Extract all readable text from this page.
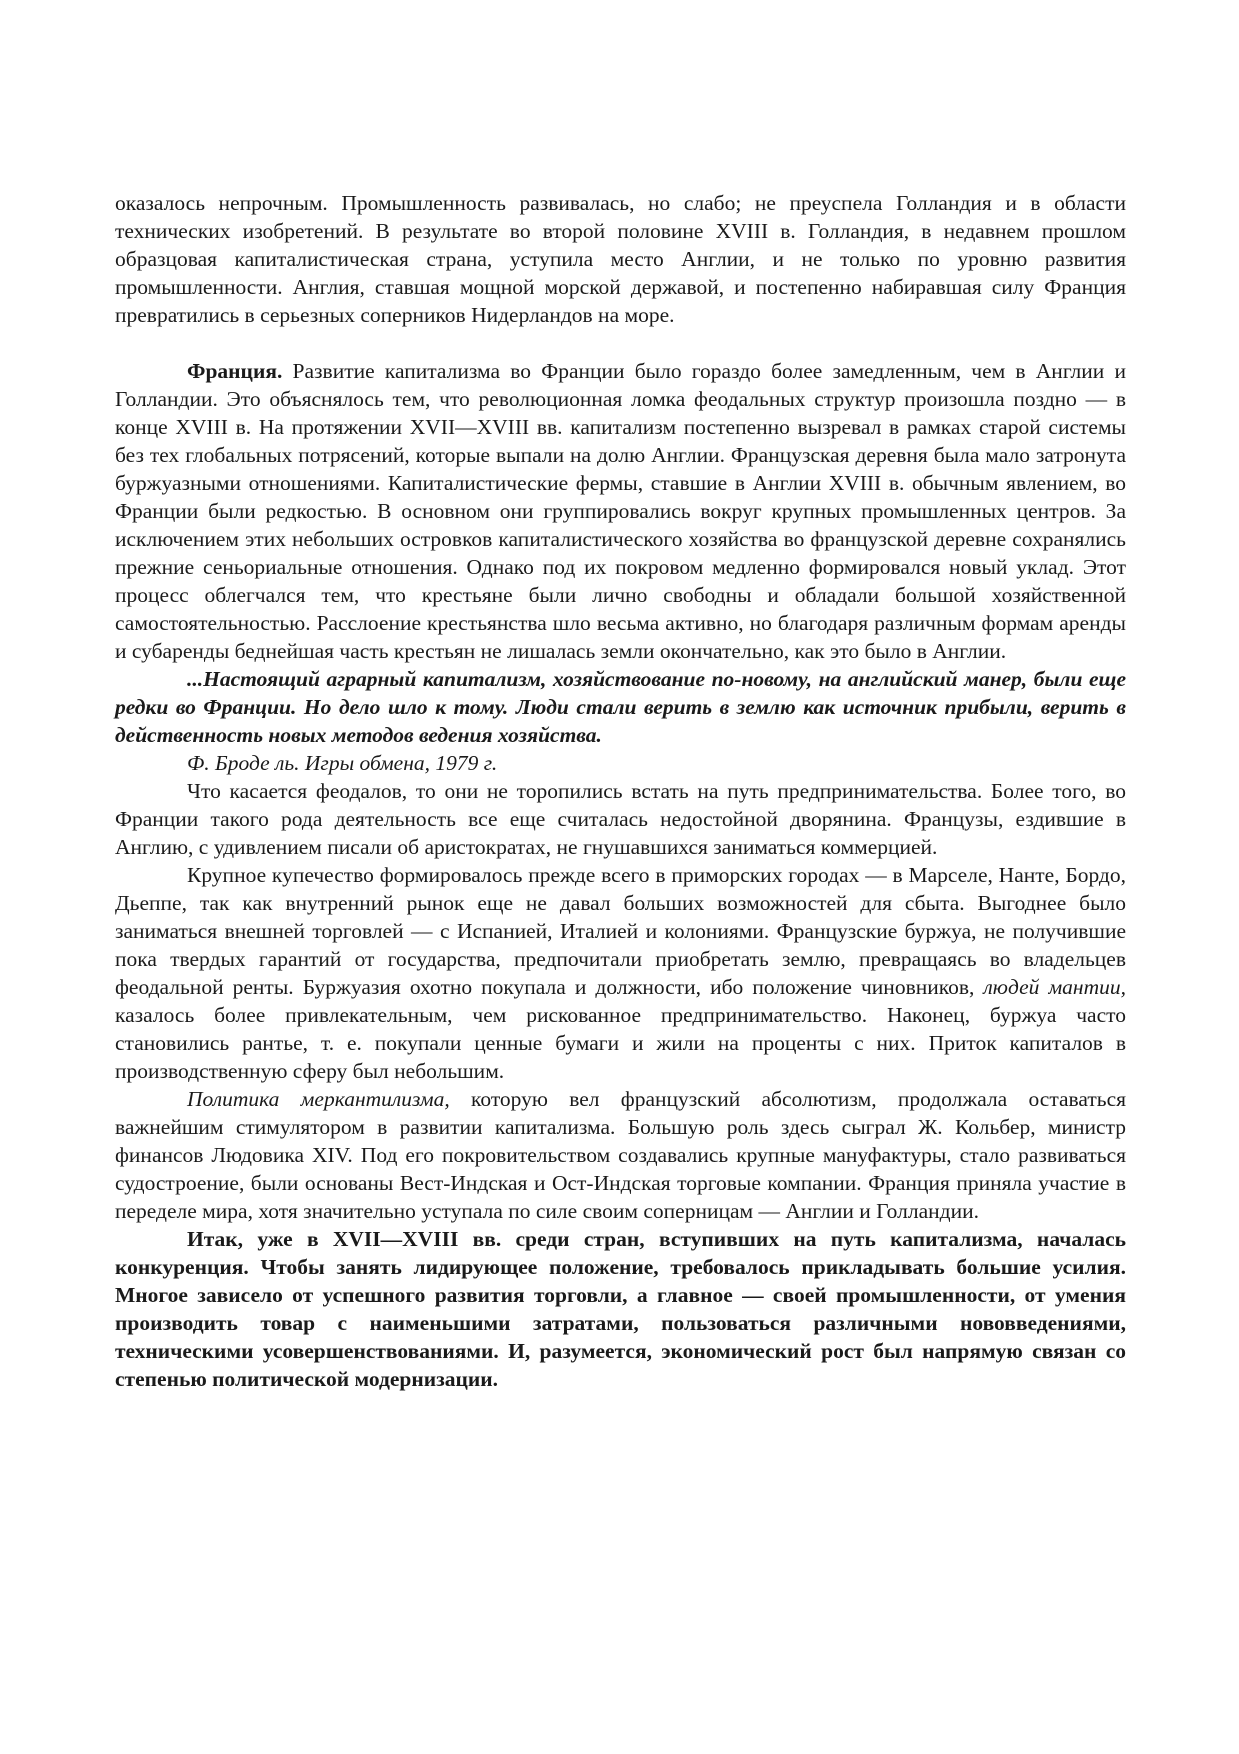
оказалось непрочным. Промышленность развивалась, но слабо; не преуспела Голландия и в области технических изобретений. В результате во второй половине XVIII в. Голландия, в недавнем прошлом образцовая капиталистическая страна, уступила место Англии, и не только по уровню развития промышленности. Англия, ставшая мощной морской державой, и постепенно набиравшая силу Франция превратились в серьезных соперников Нидерландов на море.

Франция. Развитие капитализма во Франции было гораздо более замедленным, чем в Англии и Голландии. Это объяснялось тем, что революционная ломка феодальных структур произошла поздно — в конце XVIII в. На протяжении XVII—XVIII вв. капитализм постепенно вызревал в рамках старой системы без тех глобальных потрясений, которые выпали на долю Англии. Французская деревня была мало затронута буржуазными отношениями. Капиталистические фермы, ставшие в Англии XVIII в. обычным явлением, во Франции были редкостью. В основном они группировались вокруг крупных промышленных центров. За исключением этих небольших островков капиталистического хозяйства во французской деревне сохранялись прежние сеньориальные отношения. Однако под их покровом медленно формировался новый уклад. Этот процесс облегчался тем, что крестьяне были лично свободны и обладали большой хозяйственной самостоятельностью. Расслоение крестьянства шло весьма активно, но благодаря различным формам аренды и субаренды беднейшая часть крестьян не лишалась земли окончательно, как это было в Англии.

...Настоящий аграрный капитализм, хозяйствование по-новому, на английский манер, были еще редки во Франции. Но дело шло к тому. Люди стали верить в землю как источник прибыли, верить в действенность новых методов ведения хозяйства.

Ф. Броде ль. Игры обмена, 1979 г.

Что касается феодалов, то они не торопились встать на путь предпринимательства. Более того, во Франции такого рода деятельность все еще считалась недостойной дворянина. Французы, ездившие в Англию, с удивлением писали об аристократах, не гнушавшихся заниматься коммерцией.

Крупное купечество формировалось прежде всего в приморских городах — в Марселе, Нанте, Бордо, Дьеппе, так как внутренний рынок еще не давал больших возможностей для сбыта. Выгоднее было заниматься внешней торговлей — с Испанией, Италией и колониями. Французские буржуа, не получившие пока твердых гарантий от государства, предпочитали приобретать землю, превращаясь во владельцев феодальной ренты. Буржуазия охотно покупала и должности, ибо положение чиновников, людей мантии, казалось более привлекательным, чем рискованное предпринимательство. Наконец, буржуа часто становились рантье, т. е. покупали ценные бумаги и жили на проценты с них. Приток капиталов в производственную сферу был небольшим.

Политика меркантилизма, которую вел французский абсолютизм, продолжала оставаться важнейшим стимулятором в развитии капитализма. Большую роль здесь сыграл Ж. Кольбер, министр финансов Людовика XIV. Под его покровительством создавались крупные мануфактуры, стало развиваться судостроение, были основаны Вест-Индская и Ост-Индская торговые компании. Франция приняла участие в переделе мира, хотя значительно уступала по силе своим соперницам — Англии и Голландии.

Итак, уже в XVII—XVIII вв. среди стран, вступивших на путь капитализма, началась конкуренция. Чтобы занять лидирующее положение, требовалось прикладывать большие усилия. Многое зависело от успешного развития торговли, а главное — своей промышленности, от умения производить товар с наименьшими затратами, пользоваться различными нововведениями, техническими усовершенствованиями. И, разумеется, экономический рост был напрямую связан со степенью политической модернизации.
